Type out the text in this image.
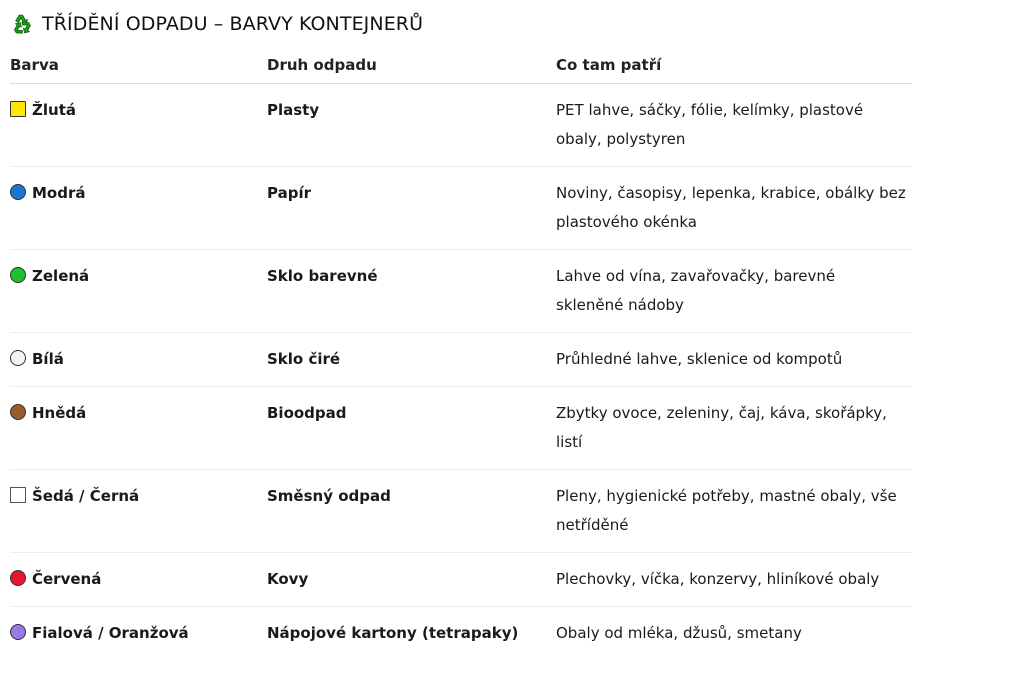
TŘÍDĚNÍ ODPADU – BARVY KONTEJNERŮ
Barva	Druh odpadu	Co tam patří
Žlutá	Plasty	PET lahve, sáčky, fólie, kelímky, plastové obaly, polystyren
Modrá	Papír	Noviny, časopisy, lepenka, krabice, obálky bez plastového okénka
Zelená	Sklo barevné	Lahve od vína, zavařovačky, barevné skleněné nádoby
Bílá	Sklo čiré	Průhledné lahve, sklenice od kompotů
Hnědá	Bioodpad	Zbytky ovoce, zeleniny, čaj, káva, skořápky, listí
Šedá / Černá	Směsný odpad	Pleny, hygienické potřeby, mastné obaly, vše netříděné
Červená	Kovy	Plechovky, víčka, konzervy, hliníkové obaly
Fialová / Oranžová	Nápojové kartony (tetrapaky)	Obaly od mléka, džusů, smetany
